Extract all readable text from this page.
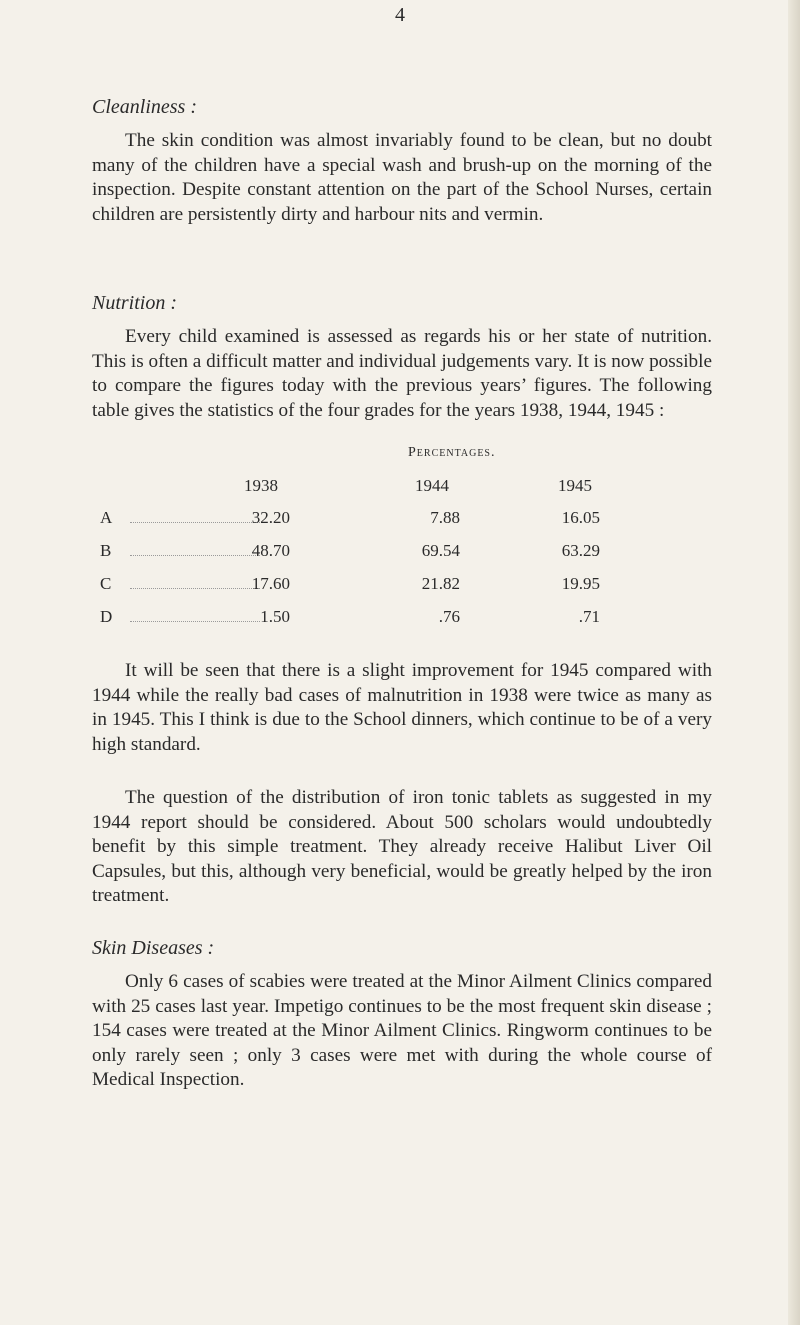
4
Cleanliness :

The skin condition was almost invariably found to be clean, but no doubt many of the children have a special wash and brush-up on the morning of the inspection. Despite constant attention on the part of the School Nurses, certain children are persistently dirty and harbour nits and vermin.

Nutrition :

Every child examined is assessed as regards his or her state of nutrition. This is often a difficult matter and individual judgements vary. It is now possible to compare the figures today with the previous years’ figures. The following table gives the statistics of the four grades for the years 1938, 1944, 1945 :

Percentages.
1938	1944	1945
A	32.20	7.88	16.05
B	48.70	69.54	63.29
C	17.60	21.82	19.95
D	1.50	.76	.71

It will be seen that there is a slight improvement for 1945 compared with 1944 while the really bad cases of malnutrition in 1938 were twice as many as in 1945. This I think is due to the School dinners, which continue to be of a very high standard.

The question of the distribution of iron tonic tablets as suggested in my 1944 report should be considered. About 500 scholars would undoubtedly benefit by this simple treatment. They already receive Halibut Liver Oil Capsules, but this, although very beneficial, would be greatly helped by the iron treatment.

Skin Diseases :

Only 6 cases of scabies were treated at the Minor Ailment Clinics compared with 25 cases last year. Impetigo continues to be the most frequent skin disease ; 154 cases were treated at the Minor Ailment Clinics. Ringworm continues to be only rarely seen ; only 3 cases were met with during the whole course of Medical Inspection.
